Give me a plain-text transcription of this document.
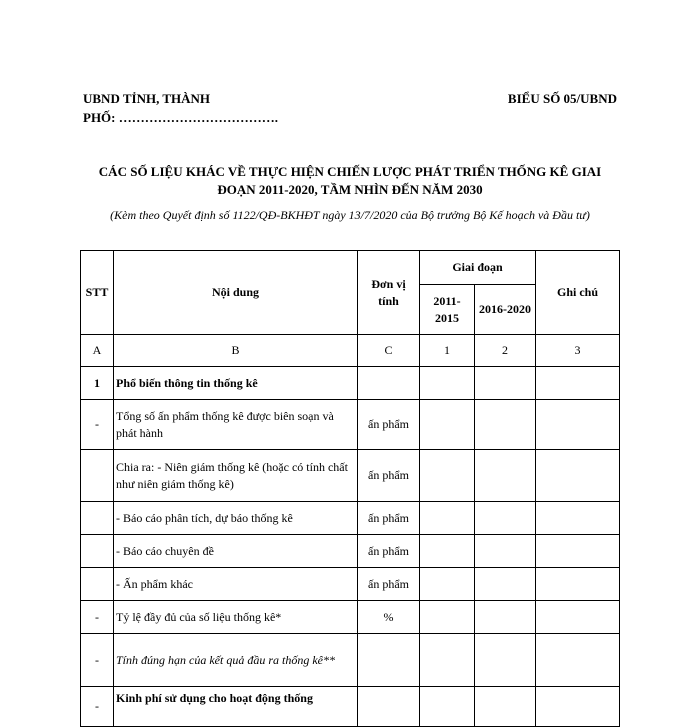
UBND TỈNH, THÀNH
PHỐ: ……………………………….
BIỂU SỐ 05/UBND
CÁC SỐ LIỆU KHÁC VỀ THỰC HIỆN CHIẾN LƯỢC PHÁT TRIỂN THỐNG KÊ GIAI ĐOẠN 2011-2020, TẦM NHÌN ĐẾN NĂM 2030
(Kèm theo Quyết định số 1122/QĐ-BKHĐT ngày 13/7/2020 của Bộ trưởng Bộ Kế hoạch và Đầu tư)
STT	Nội dung	Đơn vị tính	Giai đoạn		Ghi chú
			2011-2015	2016-2020	
A	B	C	1	2	3
1	Phổ biến thông tin thống kê				
-	Tổng số ấn phẩm thống kê được biên soạn và phát hành	ấn phẩm			
	Chia ra: - Niên giám thống kê (hoặc có tính chất như niên giám thống kê)	ấn phẩm			
	- Báo cáo phân tích, dự báo thống kê	ấn phẩm			
	- Báo cáo chuyên đề	ấn phẩm			
	- Ấn phẩm khác	ấn phẩm			
-	Tỷ lệ đầy đủ của số liệu thống kê*	%			
-	Tính đúng hạn của kết quả đầu ra thống kê**				
-	Kinh phí sử dụng cho hoạt động thống				
